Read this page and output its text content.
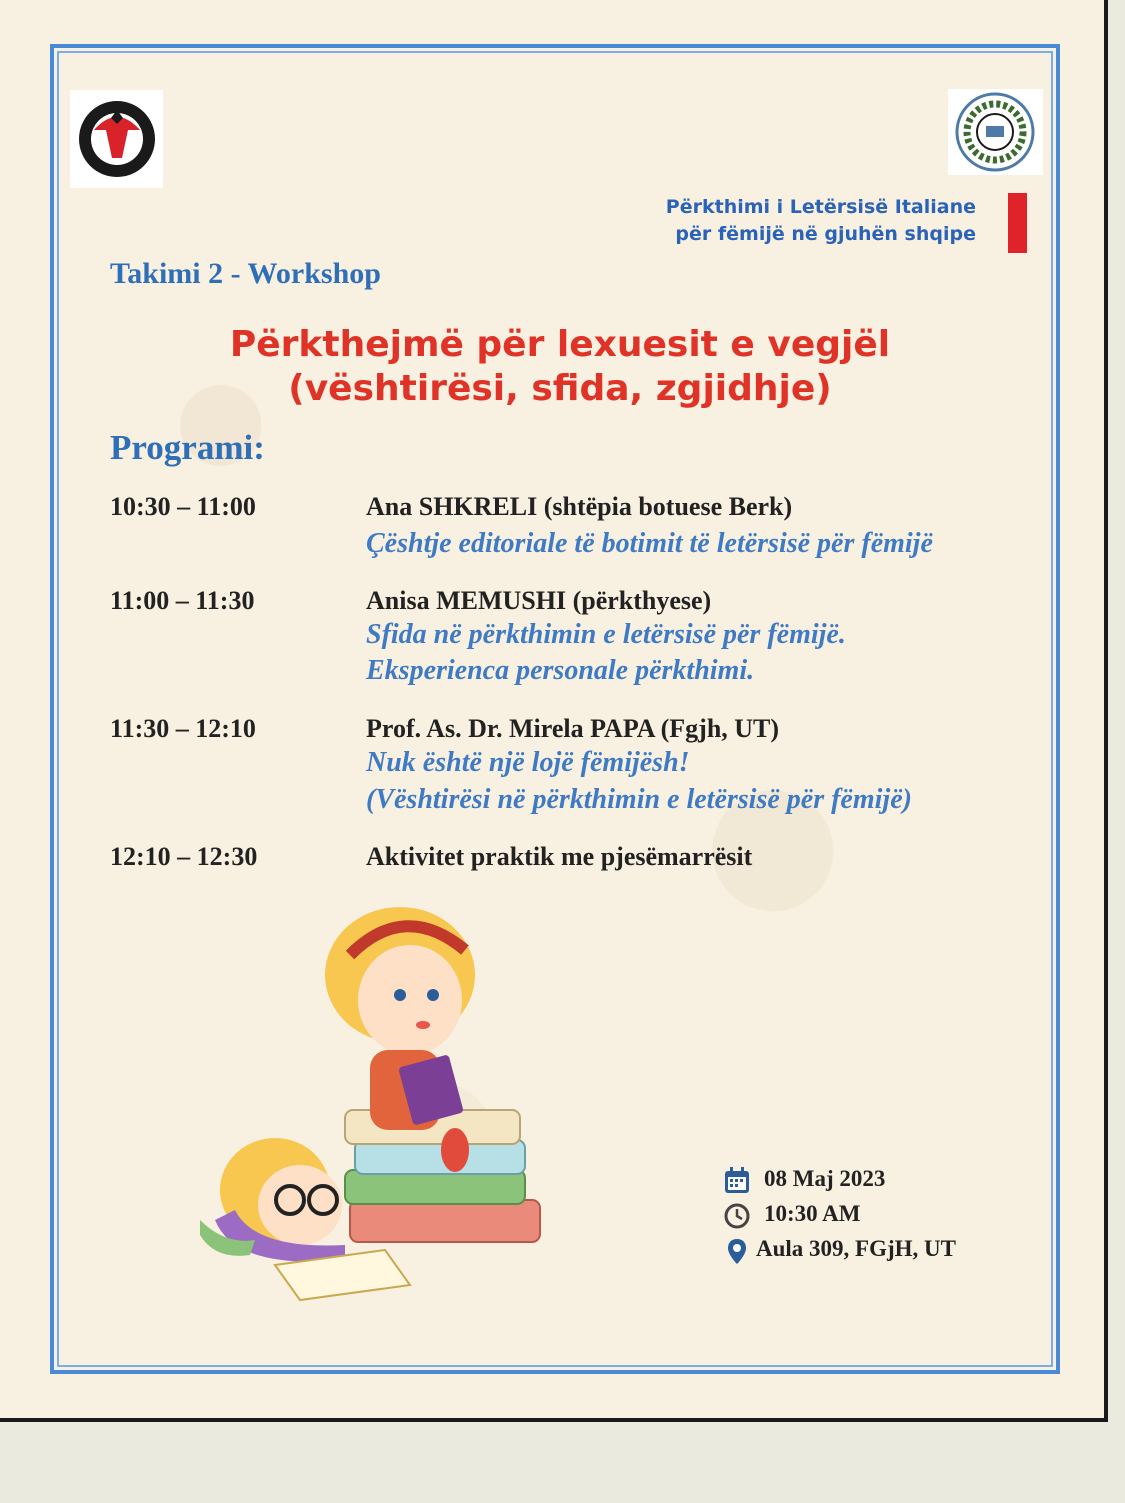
Përkthimi i Letërsisë Italiane
për fëmijë në gjuhën shqipe
Takimi 2 - Workshop
Përkthejmë për lexuesit e vegjël
(vështirësi, sfida, zgjidhje)
Programi:
10:30 – 11:00	Ana SHKRELI (shtëpia botuese Berk)
Çështje editoriale të botimit të letërsisë për fëmijë
11:00 – 11:30	Anisa MEMUSHI (përkthyese)
Sfida në përkthimin e letërsisë për fëmijë.
Eksperienca personale përkthimi.
11:30 – 12:10	Prof. As. Dr. Mirela PAPA (Fgjh, UT)
Nuk është një lojë fëmijësh!
(Vështirësi në përkthimin e letërsisë për fëmijë)
12:10 – 12:30	Aktivitet praktik me pjesëmarrësit
08 Maj 2023
10:30 AM
Aula 309, FGjH, UT
